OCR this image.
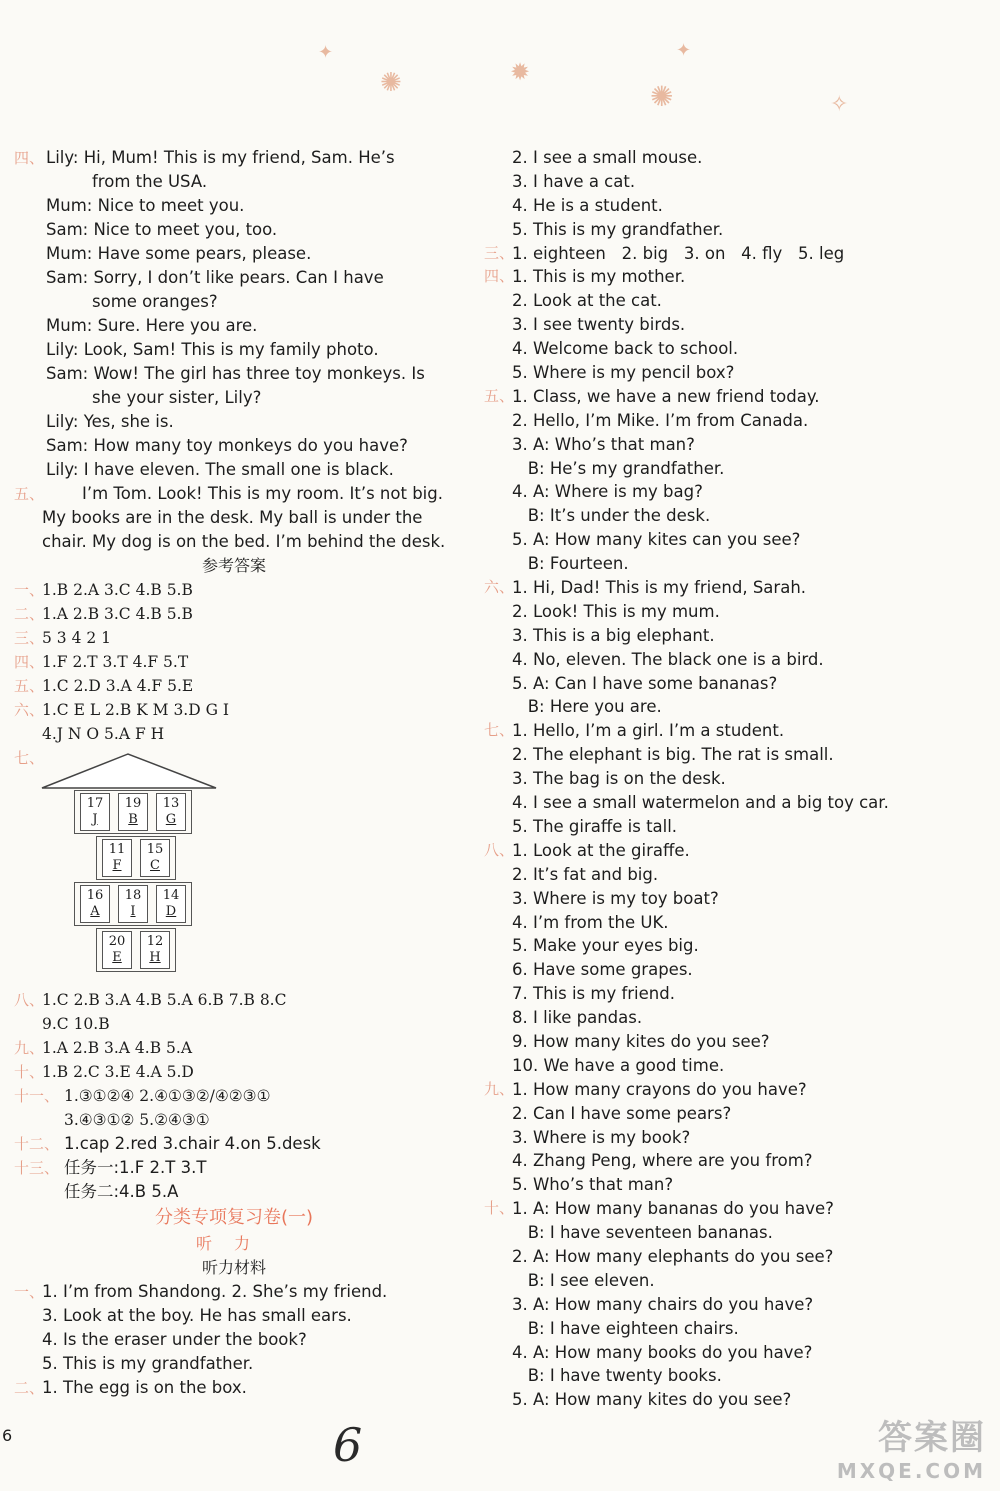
✦
✺	✹
✺
✦
✧
四、 Lily: Hi, Mum! This is my friend, Sam. He’s
from the USA.
Mum: Nice to meet you.
Sam: Nice to meet you, too.
Mum: Have some pears, please.
Sam: Sorry, I don’t like pears. Can I have
some oranges?
Mum: Sure. Here you are.
Lily: Look, Sam! This is my family photo.
Sam: Wow! The girl has three toy monkeys. Is
she your sister, Lily?
Lily: Yes, she is.
Sam: How many toy monkeys do you have?
Lily: I have eleven. The small one is black.
五、 I’m Tom. Look! This is my room. It’s not big. My books are in the desk. My ball is under the chair. My dog is on the bed. I’m behind the desk.
参考答案
一、
1.B 2.A 3.C 4.B 5.B
二、
1.A 2.B 3.C 4.B 5.B
三、
5 3 4 2 1
四、
1.F 2.T 3.T 4.F 5.T
五、
1.C 2.D 3.A 4.F 5.E
六、
1.C E L 2.B K M 3.D G I
4.J N O 5.A F H
七、
17
J
19
B
13
G
11
F
15
C
16
A
18
I
14
D
20
E
12
H
八、
1.C 2.B 3.A 4.B 5.A 6.B 7.B 8.C
9.C 10.B
九、
1.A 2.B 3.A 4.B 5.A
十、
1.B 2.C 3.E 4.A 5.D
十一、 1.③①②④ 2.④①③②/④②③①
3.④③①② 5.②④③①
十二、 1.cap 2.red 3.chair 4.on 5.desk
十三、 任务一:1.F 2.T 3.T
任务二:4.B 5.A
分类专项复习卷(一)
听力
听力材料
一、
1. I’m from Shandong. 2. She’s my friend.
3. Look at the boy. He has small ears.
4. Is the eraser under the book?
5. This is my grandfather.
二、
1. The egg is on the box.
2. I see a small mouse.
3. I have a cat.
4. He is a student.
5. This is my grandfather.
三、
1. eighteen   2. big   3. on   4. fly   5. leg
四、
1. This is my mother.
2. Look at the cat.
3. I see twenty birds.
4. Welcome back to school.
5. Where is my pencil box?
五、
1. Class, we have a new friend today.
2. Hello, I’m Mike. I’m from Canada.
3. A: Who’s that man?
B: He’s my grandfather.
4. A: Where is my bag?
B: It’s under the desk.
5. A: How many kites can you see?
B: Fourteen.
六、
1. Hi, Dad! This is my friend, Sarah.
2. Look! This is my mum.
3. This is a big elephant.
4. No, eleven. The black one is a bird.
5. A: Can I have some bananas?
B: Here you are.
七、
1. Hello, I’m a girl. I’m a student.
2. The elephant is big. The rat is small.
3. The bag is on the desk.
4. I see a small watermelon and a big toy car.
5. The giraffe is tall.
八、
1. Look at the giraffe.
2. It’s fat and big.
3. Where is my toy boat?
4. I’m from the UK.
5. Make your eyes big.
6. Have some grapes.
7. This is my friend.
8. I like pandas.
9. How many kites do you see?
10. We have a good time.
九、
1. How many crayons do you have?
2. Can I have some pears?
3. Where is my book?
4. Zhang Peng, where are you from?
5. Who’s that man?
十、
1. A: How many bananas do you have?
B: I have seventeen bananas.
2. A: How many elephants do you see?
B: I see eleven.
3. A: How many chairs do you have?
B: I have eighteen chairs.
4. A: How many books do you have?
B: I have twenty books.
5. A: How many kites do you see?
6	6	答案圈
MXQE.COM
